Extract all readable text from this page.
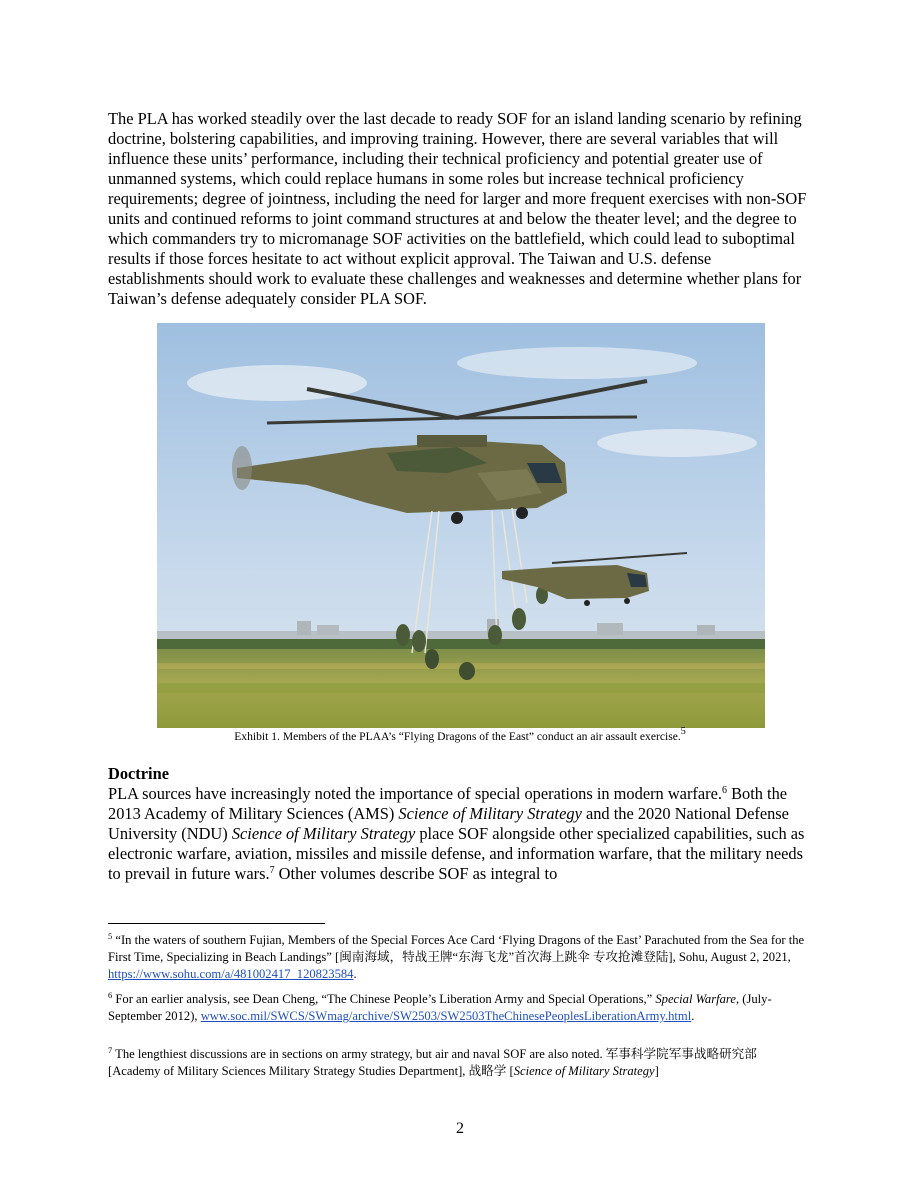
The PLA has worked steadily over the last decade to ready SOF for an island landing scenario by refining doctrine, bolstering capabilities, and improving training. However, there are several variables that will influence these units’ performance, including their technical proficiency and potential greater use of unmanned systems, which could replace humans in some roles but increase technical proficiency requirements; degree of jointness, including the need for larger and more frequent exercises with non-SOF units and continued reforms to joint command structures at and below the theater level; and the degree to which commanders try to micromanage SOF activities on the battlefield, which could lead to suboptimal results if those forces hesitate to act without explicit approval. The Taiwan and U.S. defense establishments should work to evaluate these challenges and weaknesses and determine whether plans for Taiwan’s defense adequately consider PLA SOF.

Exhibit 1. Members of the PLAA’s “Flying Dragons of the East” conduct an air assault exercise.$^5$
Doctrine

PLA sources have increasingly noted the importance of special operations in modern warfare.$^6$ Both the 2013 Academy of Military Sciences (AMS) Science of Military Strategy and the 2020 National Defense University (NDU) Science of Military Strategy place SOF alongside other specialized capabilities, such as electronic warfare, aviation, missiles and missile defense, and information warfare, that the military needs to prevail in future wars.$^7$ Other volumes describe SOF as integral to

$^5$ “In the waters of southern Fujian, Members of the Special Forces Ace Card ‘Flying Dragons of the East’ Parachuted from the Sea for the First Time, Specializing in Beach Landings” [闽南海域，特战王牌“东海飞龙”首次海上跳伞 专攻抢滩登陆], Sohu, August 2, 2021, https://www.sohu.com/a/481002417_120823584.

$^6$ For an earlier analysis, see Dean Cheng, “The Chinese People’s Liberation Army and Special Operations,” Special Warfare, (July-September 2012), www.soc.mil/SWCS/SWmag/archive/SW2503/SW2503TheChinesePeoplesLiberationArmy.html.

$^7$ The lengthiest discussions are in sections on army strategy, but air and naval SOF are also noted. 军事科学院军事战略研究部 [Academy of Military Sciences Military Strategy Studies Department], 战略学 [Science of Military Strategy]

2
